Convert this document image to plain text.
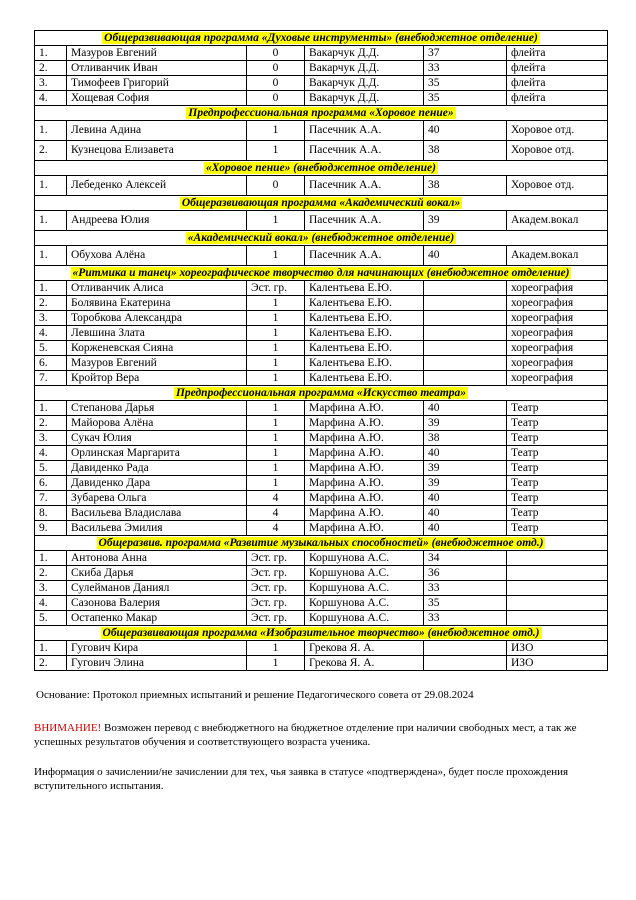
Общеразвивающая программа «Духовые инструменты» (внебюджетное отделение)					
1.	Мазуров Евгений	0	Вакарчук Д.Д.	37	флейта
2.	Отливанчик Иван	0	Вакарчук Д.Д.	33	флейта
3.	Тимофеев Григорий	0	Вакарчук Д.Д.	35	флейта
4.	Хощевая София	0	Вакарчук Д.Д.	35	флейта
Предпрофессиональная программа «Хоровое пение»					
1.	Левина Адина	1	Пасечник А.А.	40	Хоровое отд.
2.	Кузнецова Елизавета	1	Пасечник А.А.	38	Хоровое отд.
«Хоровое пение» (внебюджетное отделение)					
1.	Лебеденко Алексей	0	Пасечник А.А.	38	Хоровое отд.
Общеразвивающая программа «Академический вокал»					
1.	Андреева Юлия	1	Пасечник А.А.	39	Академ.вокал
«Академический вокал» (внебюджетное отделение)					
1.	Обухова Алёна	1	Пасечник А.А.	40	Академ.вокал
«Ритмика и танец» хореографическое творчество для начинающих (внебюджетное отделение)					
1.	Отливанчик Алиса	Эст. гр.	Калентьева Е.Ю.		хореография
2.	Болявина Екатерина	1	Калентьева Е.Ю.		хореография
3.	Торобкова Александра	1	Калентьева Е.Ю.		хореография
4.	Левшина Злата	1	Калентьева Е.Ю.		хореография
5.	Корженевская Сияна	1	Калентьева Е.Ю.		хореография
6.	Мазуров Евгений	1	Калентьева Е.Ю.		хореография
7.	Кройтор Вера	1	Калентьева Е.Ю.		хореография
Предпрофессиональная программа «Искусство театра»					
1.	Степанова Дарья	1	Марфина А.Ю.	40	Театр
2.	Майорова Алёна	1	Марфина А.Ю.	39	Театр
3.	Сукач Юлия	1	Марфина А.Ю.	38	Театр
4.	Орлинская Маргарита	1	Марфина А.Ю.	40	Театр
5.	Давиденко Рада	1	Марфина А.Ю.	39	Театр
6.	Давиденко Дара	1	Марфина А.Ю.	39	Театр
7.	Зубарева Ольга	4	Марфина А.Ю.	40	Театр
8.	Васильева Владислава	4	Марфина А.Ю.	40	Театр
9.	Васильева Эмилия	4	Марфина А.Ю.	40	Театр
Общеразвив. программа «Развитие музыкальных способностей» (внебюджетное отд.)					
1.	Антонова Анна	Эст. гр.	Коршунова А.С.	34	
2.	Скиба Дарья	Эст. гр.	Коршунова А.С.	36	
3.	Сулейманов Даниял	Эст. гр.	Коршунова А.С.	33	
4.	Сазонова Валерия	Эст. гр.	Коршунова А.С.	35	
5.	Остапенко Макар	Эст. гр.	Коршунова А.С.	33	
Общеразвивающая программа «Изобразительное творчество» (внебюджетное отд.)					
1.	Гугович Кира	1	Грекова Я. А.		ИЗО
2.	Гугович Элина	1	Грекова Я. А.		ИЗО

Основание: Протокол приемных испытаний и решение Педагогического совета от 29.08.2024

ВНИМАНИЕ! Возможен перевод с внебюджетного на бюджетное отделение при наличии свободных мест, а так же успешных результатов обучения и соответствующего возраста ученика.

Информация о зачислении/не зачислении для тех, чья заявка в статусе «подтверждена», будет после прохождения вступительного испытания.
